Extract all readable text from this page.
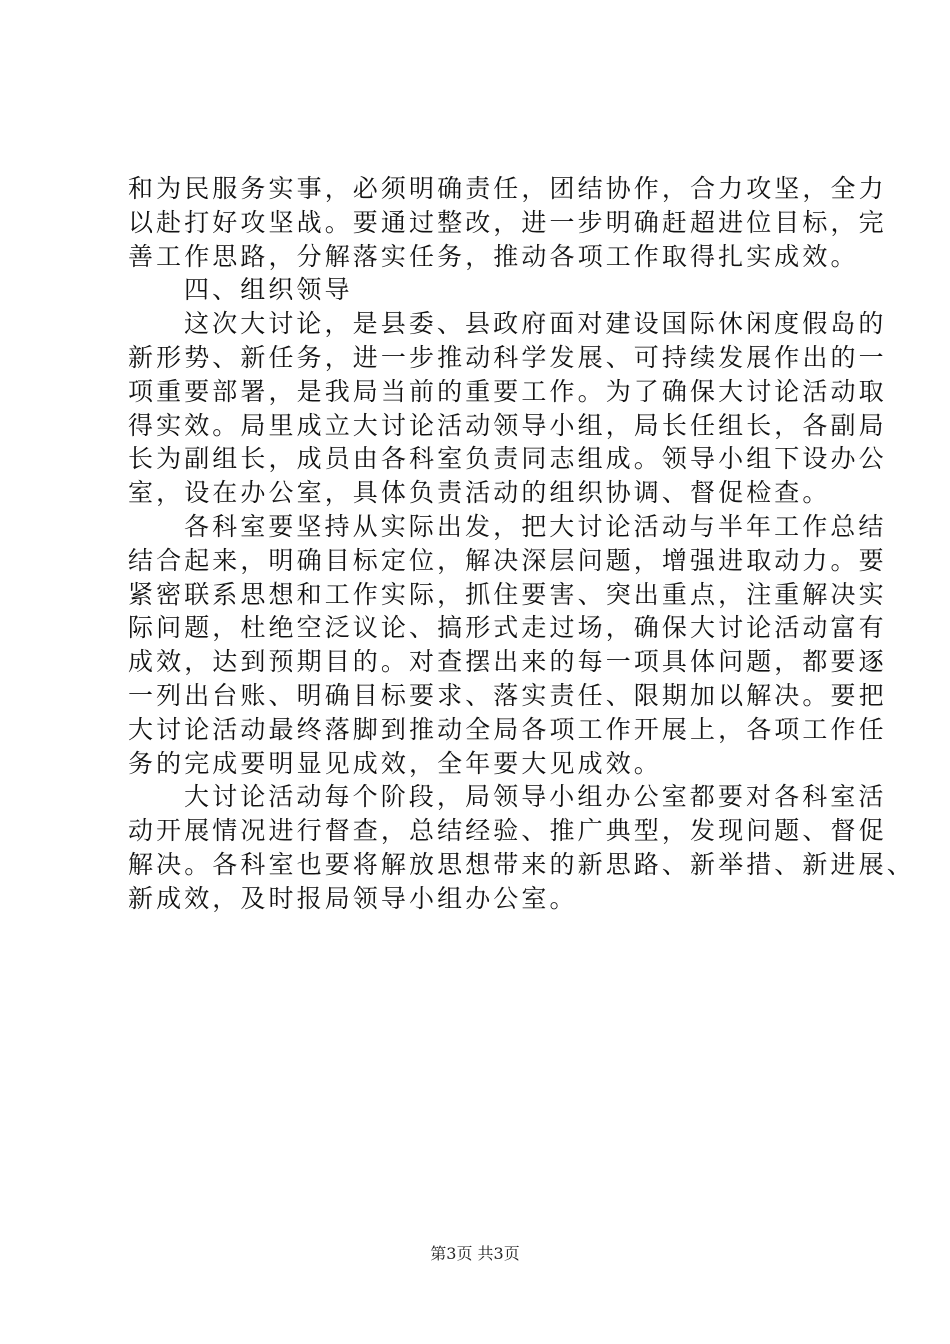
和为民服务实事，必须明确责任，团结协作，合力攻坚，全力
以赴打好攻坚战。要通过整改，进一步明确赶超进位目标，完
善工作思路，分解落实任务，推动各项工作取得扎实成效。

四、组织领导

这次大讨论，是县委、县政府面对建设国际休闲度假岛的
新形势、新任务，进一步推动科学发展、可持续发展作出的一
项重要部署，是我局当前的重要工作。为了确保大讨论活动取
得实效。局里成立大讨论活动领导小组，局长任组长，各副局
长为副组长，成员由各科室负责同志组成。领导小组下设办公
室，设在办公室，具体负责活动的组织协调、督促检查。

各科室要坚持从实际出发，把大讨论活动与半年工作总结
结合起来，明确目标定位，解决深层问题，增强进取动力。要
紧密联系思想和工作实际，抓住要害、突出重点，注重解决实
际问题，杜绝空泛议论、搞形式走过场，确保大讨论活动富有
成效，达到预期目的。对查摆出来的每一项具体问题，都要逐
一列出台账、明确目标要求、落实责任、限期加以解决。要把
大讨论活动最终落脚到推动全局各项工作开展上，各项工作任
务的完成要明显见成效，全年要大见成效。

大讨论活动每个阶段，局领导小组办公室都要对各科室活
动开展情况进行督查，总结经验、推广典型，发现问题、督促
解决。各科室也要将解放思想带来的新思路、新举措、新进展、
新成效，及时报局领导小组办公室。

第3页 共3页
